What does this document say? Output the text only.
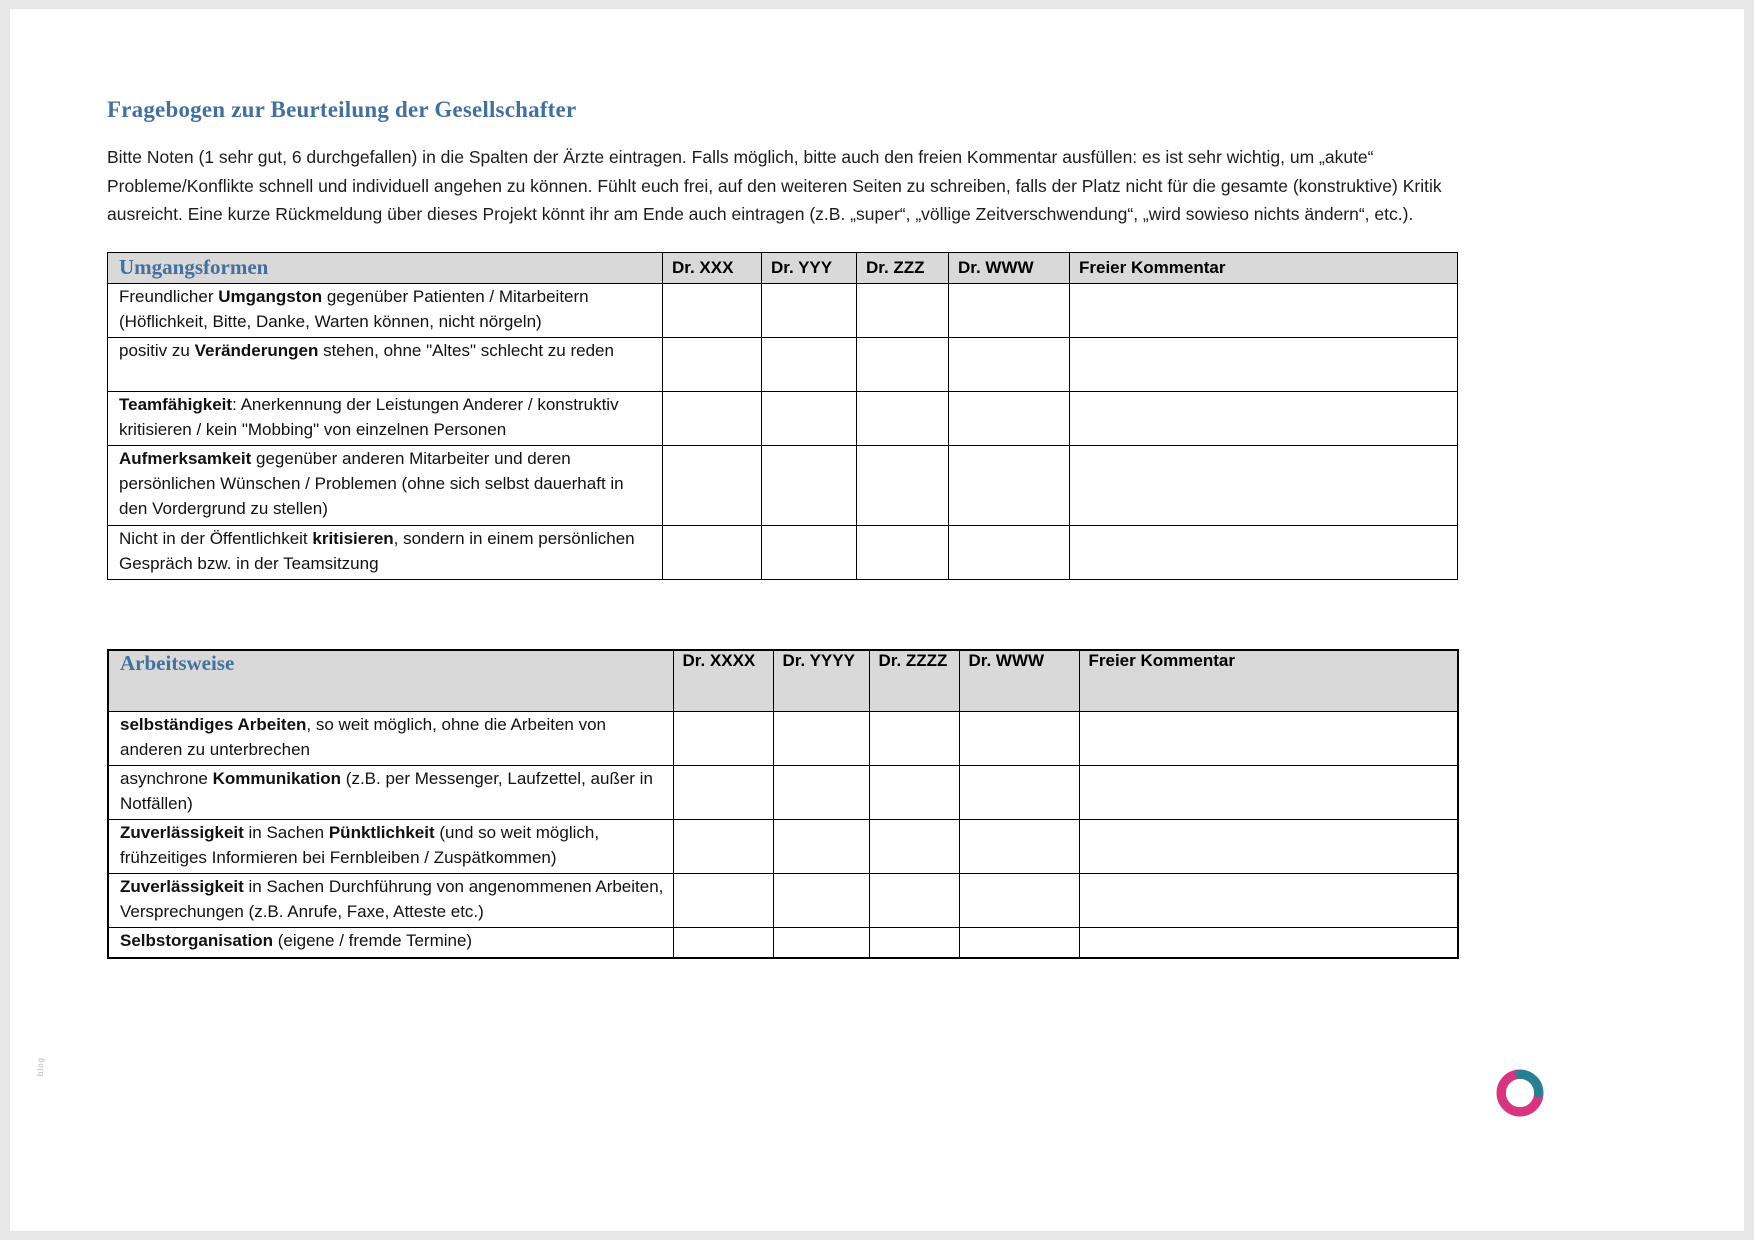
Fragebogen zur Beurteilung der Gesellschafter

Bitte Noten (1 sehr gut, 6 durchgefallen) in die Spalten der Ärzte eintragen. Falls möglich, bitte auch den freien Kommentar ausfüllen: es ist sehr wichtig, um „akute“ Probleme/Konflikte schnell und individuell angehen zu können. Fühlt euch frei, auf den weiteren Seiten zu schreiben, falls der Platz nicht für die gesamte (konstruktive) Kritik ausreicht. Eine kurze Rückmeldung über dieses Projekt könnt ihr am Ende auch eintragen (z.B. „super“, „völlige Zeitverschwendung“, „wird sowieso nichts ändern“, etc.).

Umgangsformen	Dr. XXX	Dr. YYY	Dr. ZZZ	Dr. WWW	Freier Kommentar
Freundlicher Umgangston gegenüber Patienten / Mitarbeitern (Höflichkeit, Bitte, Danke, Warten können, nicht nörgeln)					
positiv zu Veränderungen stehen, ohne "Altes" schlecht zu reden					
Teamfähigkeit: Anerkennung der Leistungen Anderer / konstruktiv kritisieren / kein "Mobbing" von einzelnen Personen					
Aufmerksamkeit gegenüber anderen Mitarbeiter und deren persönlichen Wünschen / Problemen (ohne sich selbst dauerhaft in den Vordergrund zu stellen)					
Nicht in der Öffentlichkeit kritisieren, sondern in einem persönlichen Gespräch bzw. in der Teamsitzung					
Arbeitsweise	Dr. XXXX	Dr. YYYY	Dr. ZZZZ	Dr. WWW	Freier Kommentar
selbständiges Arbeiten, so weit möglich, ohne die Arbeiten von anderen zu unterbrechen					
asynchrone Kommunikation (z.B. per Messenger, Laufzettel, außer in Notfällen)					
Zuverlässigkeit in Sachen Pünktlichkeit (und so weit möglich, frühzeitiges Informieren bei Fernbleiben / Zuspätkommen)					
Zuverlässigkeit in Sachen Durchführung von angenommenen Arbeiten, Versprechungen (z.B. Anrufe, Faxe, Atteste etc.)					
Selbstorganisation (eigene / fremde Termine)					
blog
